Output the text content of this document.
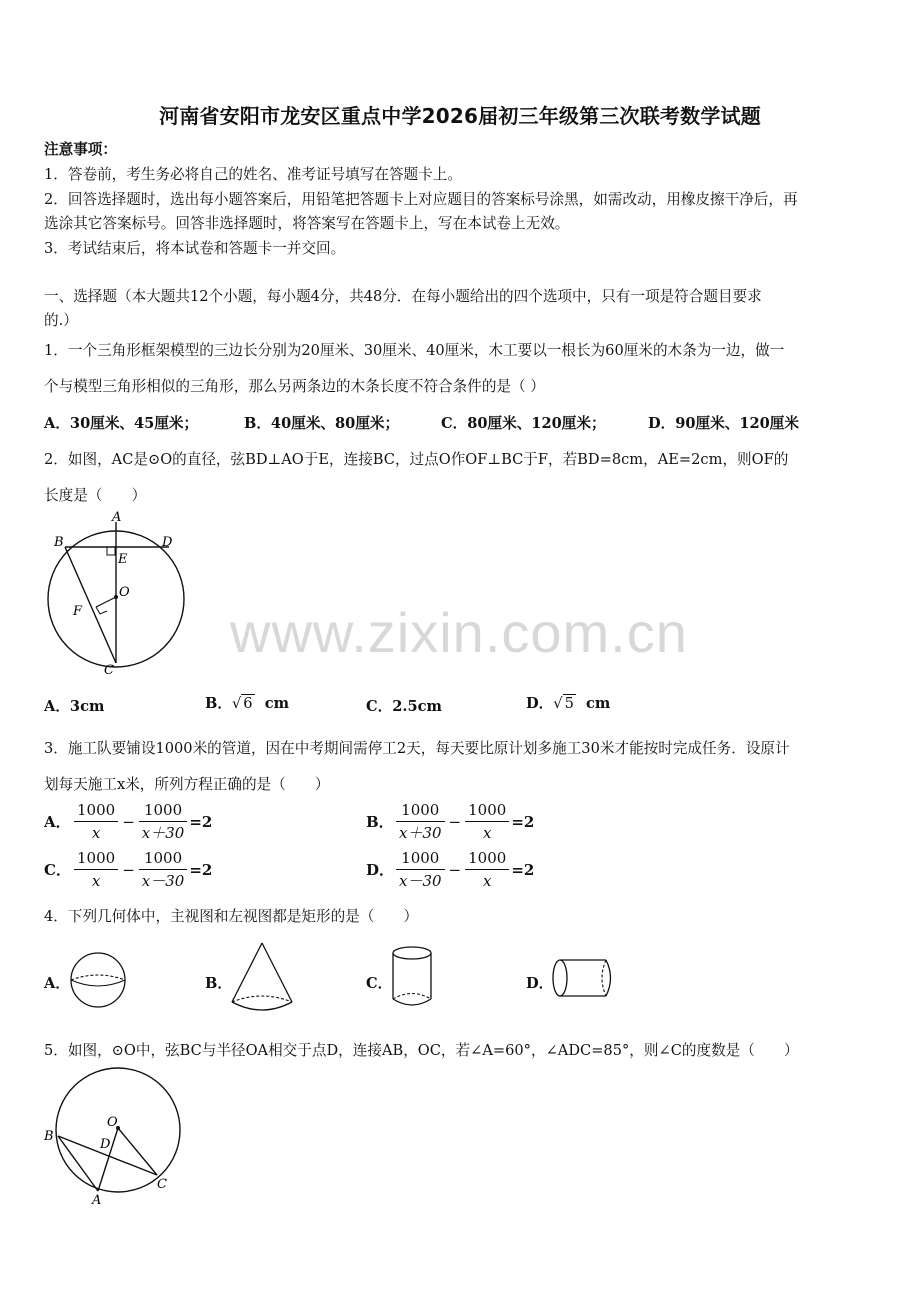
河南省安阳市龙安区重点中学2026届初三年级第三次联考数学试题
注意事项：
1．答卷前，考生务必将自己的姓名、准考证号填写在答题卡上。
2．回答选择题时，选出每小题答案后，用铅笔把答题卡上对应题目的答案标号涂黑，如需改动，用橡皮擦干净后，再
选涂其它答案标号。回答非选择题时，将答案写在答题卡上，写在本试卷上无效。
3．考试结束后，将本试卷和答题卡一并交回。
一、选择题（本大题共12个小题，每小题4分，共48分．在每小题给出的四个选项中，只有一项是符合题目要求
的.）
www.zixin.com.cn
1．一个三角形框架模型的三边长分别为20厘米、30厘米、40厘米，木工要以一根长为60厘米的木条为一边，做一
个与模型三角形相似的三角形，那么另两条边的木条长度不符合条件的是（ ）
A．30厘米、45厘米；	B．40厘米、80厘米；	C．80厘米、120厘米；	D．90厘米、120厘米
2．如图，AC是⊙O的直径，弦BD⊥AO于E，连接BC，过点O作OF⊥BC于F，若BD=8cm，AE=2cm，则OF的
长度是（　　）
A
B	D
E
O
F
C
A．3cm	B．√ 6 cm	C．2.5cm	D．√ 5 cm
3．施工队要铺设1000米的管道，因在中考期间需停工2天，每天要比原计划多施工30米才能按时完成任务．设原计
划每天施工x米，所列方程正确的是（　　）
A． $\frac{1000}{x} - \frac{1000}{x+30} =2$	B． $\frac{1000}{x+30} - \frac{1000}{x} =2$
C． $\frac{1000}{x} - \frac{1000}{x-30} =2$	D． $\frac{1000}{x-30} - \frac{1000}{x} =2$
4．下列几何体中，主视图和左视图都是矩形的是（　　）
A．	B．	C．	D．
5．如图，⊙O中，弦BC与半径OA相交于点D，连接AB，OC，若∠A=60°，∠ADC=85°，则∠C的度数是（　　）
O
B
D
A
C
